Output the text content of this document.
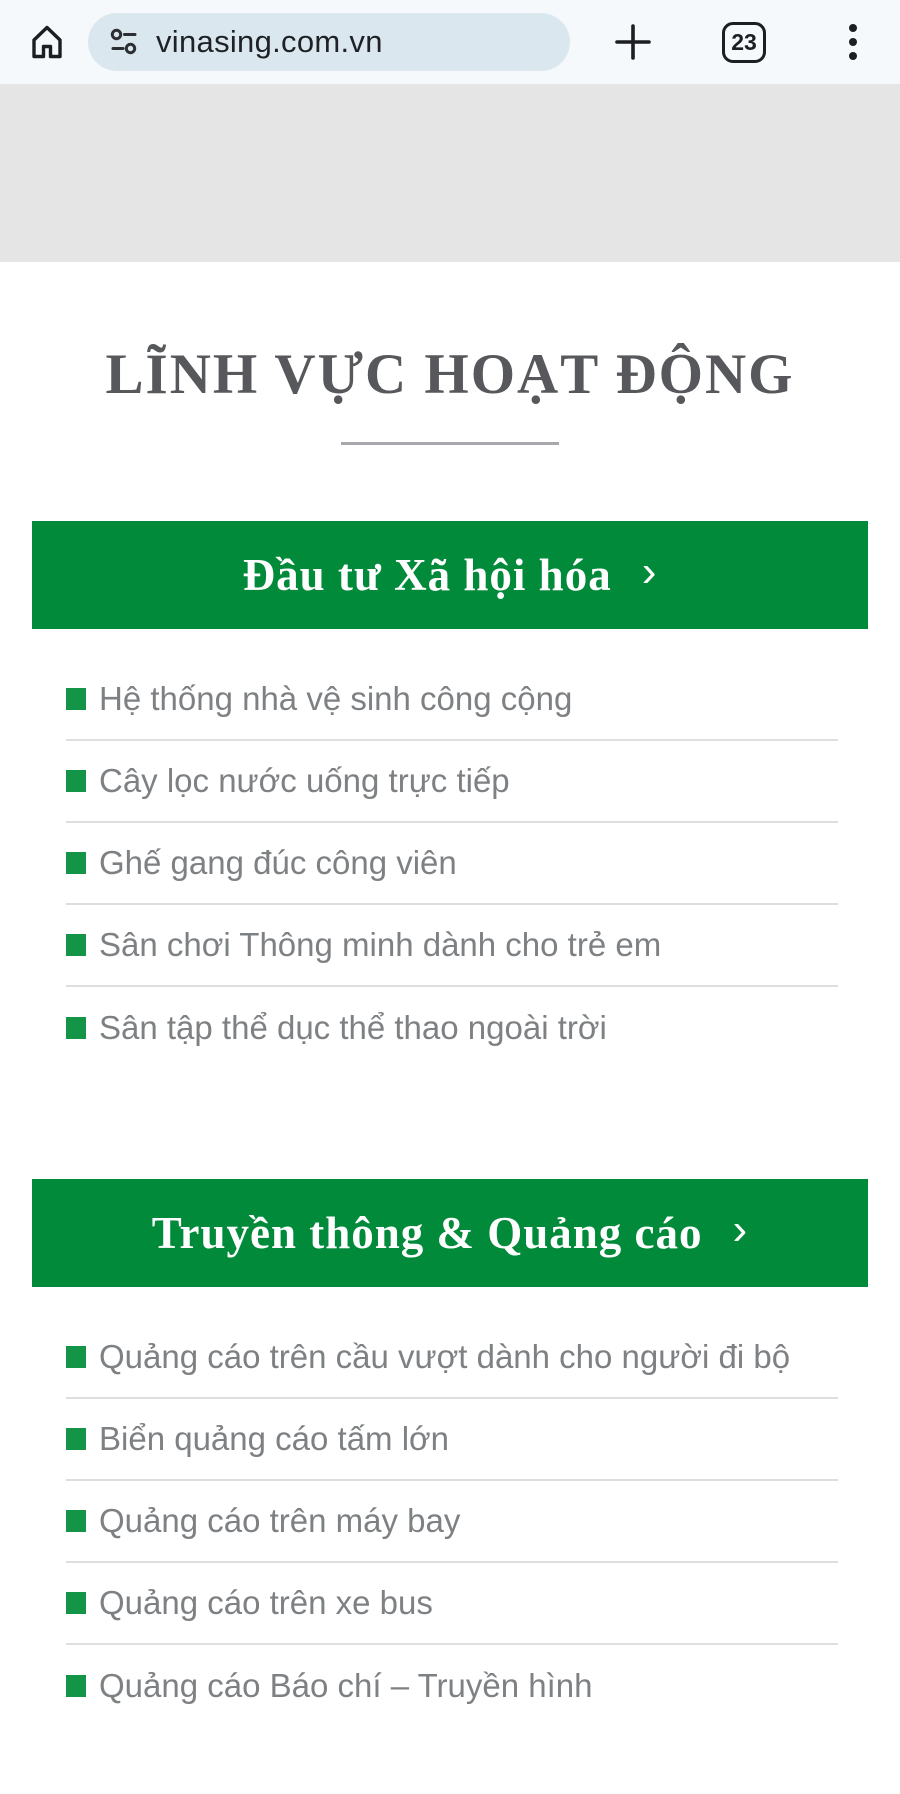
vinasing.com.vn	23
LĨNH VỰC HOẠT ĐỘNG
Đầu tư Xã hội hóa ›
Hệ thống nhà vệ sinh công cộng
Cây lọc nước uống trực tiếp
Ghế gang đúc công viên
Sân chơi Thông minh dành cho trẻ em
Sân tập thể dục thể thao ngoài trời
Truyền thông & Quảng cáo ›
Quảng cáo trên cầu vượt dành cho người đi bộ
Biển quảng cáo tấm lớn
Quảng cáo trên máy bay
Quảng cáo trên xe bus
Quảng cáo Báo chí – Truyền hình
